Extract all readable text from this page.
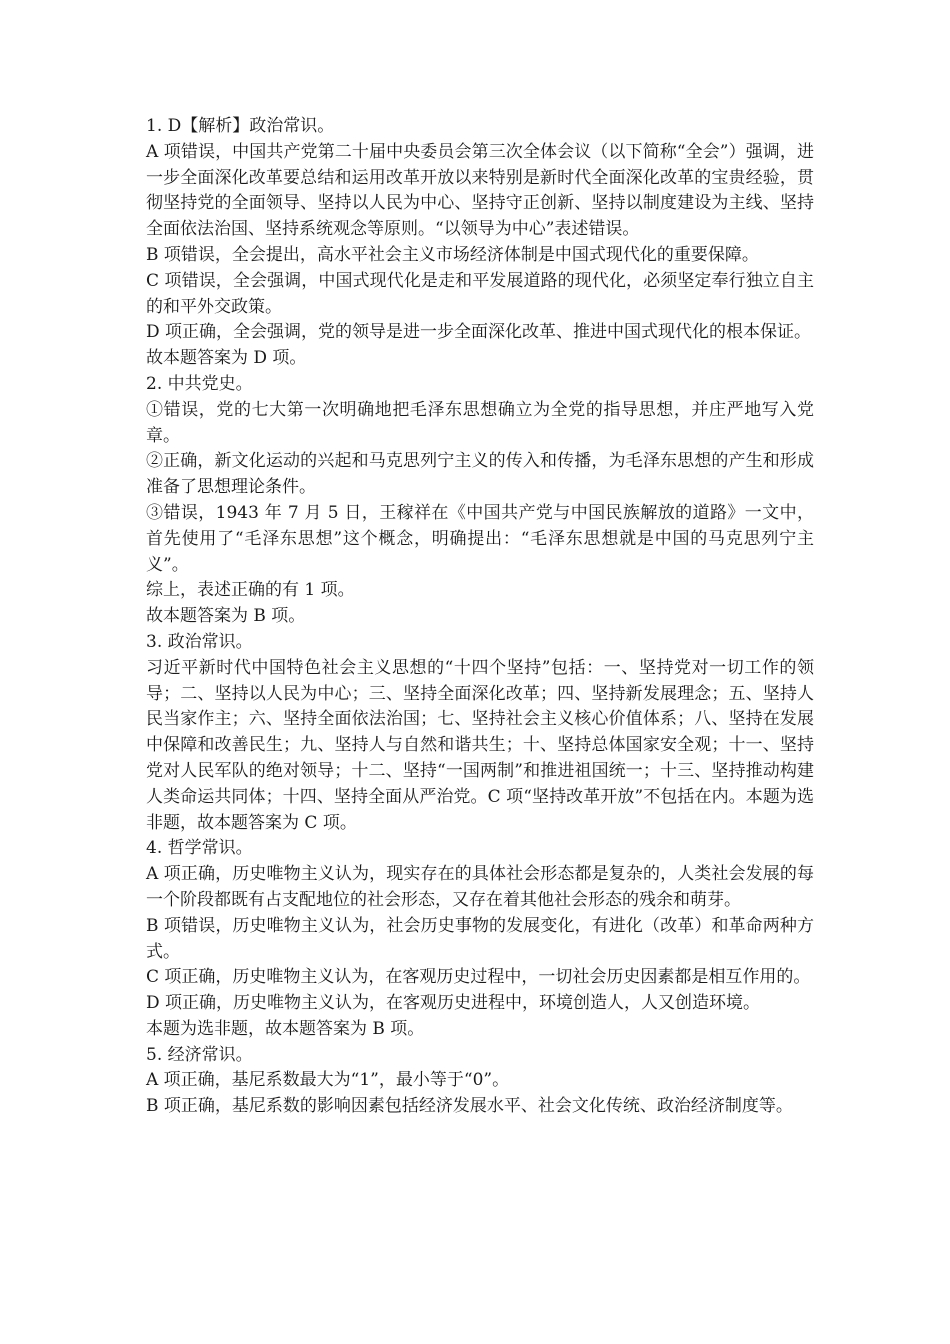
1. D【解析】政治常识。

A 项错误，中国共产党第二十届中央委员会第三次全体会议（以下简称“全会”）强调，进一步全面深化改革要总结和运用改革开放以来特别是新时代全面深化改革的宝贵经验，贯彻坚持党的全面领导、坚持以人民为中心、坚持守正创新、坚持以制度建设为主线、坚持全面依法治国、坚持系统观念等原则。“以领导为中心”表述错误。

B 项错误，全会提出，高水平社会主义市场经济体制是中国式现代化的重要保障。

C 项错误，全会强调，中国式现代化是走和平发展道路的现代化，必须坚定奉行独立自主的和平外交政策。

D 项正确，全会强调，党的领导是进一步全面深化改革、推进中国式现代化的根本保证。

故本题答案为 D 项。

2. 中共党史。

①错误，党的七大第一次明确地把毛泽东思想确立为全党的指导思想，并庄严地写入党章。

②正确，新文化运动的兴起和马克思列宁主义的传入和传播，为毛泽东思想的产生和形成准备了思想理论条件。

③错误，1943 年 7 月 5 日，王稼祥在《中国共产党与中国民族解放的道路》一文中，首先使用了“毛泽东思想”这个概念，明确提出：“毛泽东思想就是中国的马克思列宁主义”。

综上，表述正确的有 1 项。

故本题答案为 B 项。

3. 政治常识。

习近平新时代中国特色社会主义思想的“十四个坚持”包括：一、坚持党对一切工作的领导；二、坚持以人民为中心；三、坚持全面深化改革；四、坚持新发展理念；五、坚持人民当家作主；六、坚持全面依法治国；七、坚持社会主义核心价值体系；八、坚持在发展中保障和改善民生；九、坚持人与自然和谐共生；十、坚持总体国家安全观；十一、坚持党对人民军队的绝对领导；十二、坚持“一国两制”和推进祖国统一；十三、坚持推动构建人类命运共同体；十四、坚持全面从严治党。C 项“坚持改革开放”不包括在内。本题为选非题，故本题答案为 C 项。

4. 哲学常识。

A 项正确，历史唯物主义认为，现实存在的具体社会形态都是复杂的，人类社会发展的每一个阶段都既有占支配地位的社会形态，又存在着其他社会形态的残余和萌芽。

B 项错误，历史唯物主义认为，社会历史事物的发展变化，有进化（改革）和革命两种方式。

C 项正确，历史唯物主义认为，在客观历史过程中，一切社会历史因素都是相互作用的。

D 项正确，历史唯物主义认为，在客观历史进程中，环境创造人，人又创造环境。

本题为选非题，故本题答案为 B 项。

5. 经济常识。

A 项正确，基尼系数最大为“1”，最小等于“0”。

B 项正确，基尼系数的影响因素包括经济发展水平、社会文化传统、政治经济制度等。
